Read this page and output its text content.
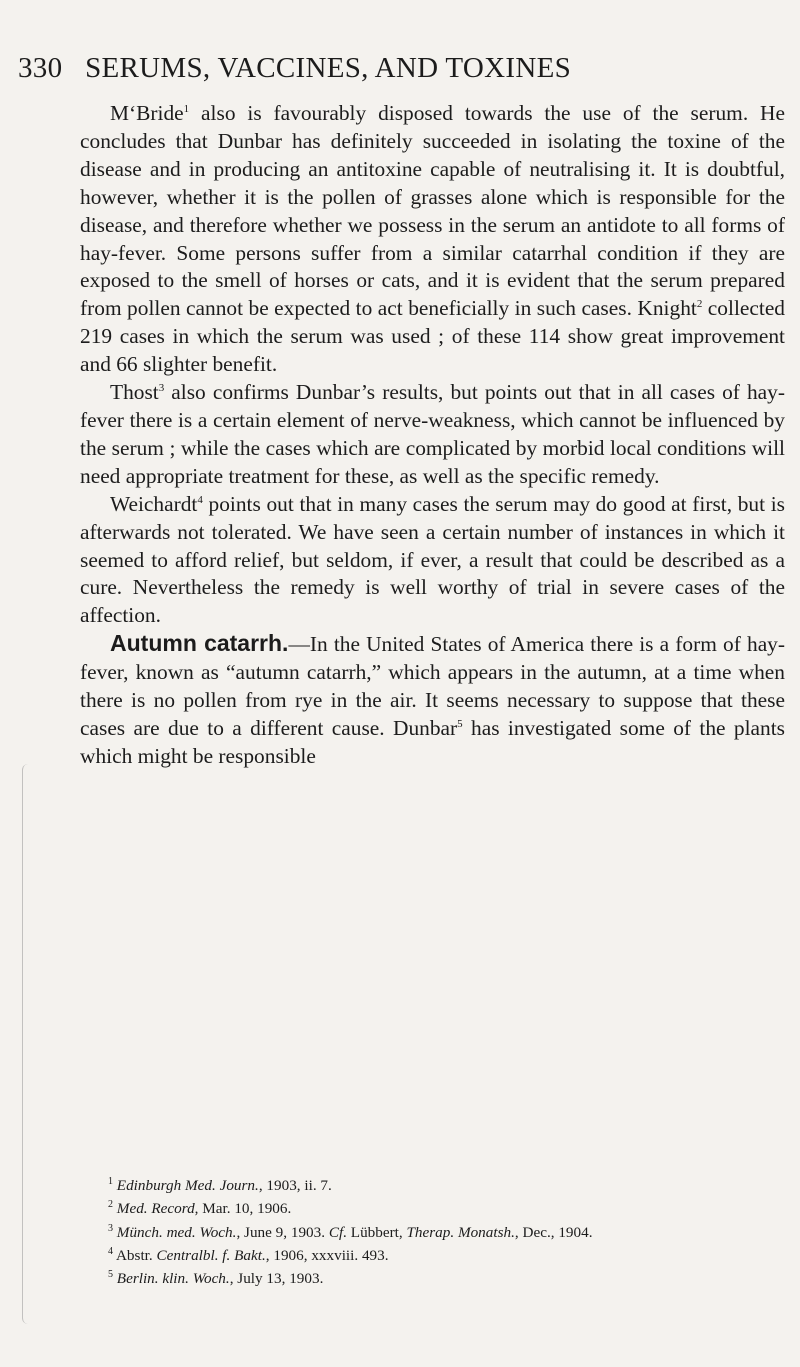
330 SERUMS, VACCINES, AND TOXINES

M‘Bride$^1$ also is favourably disposed towards the use of the serum. He concludes that Dunbar has definitely succeeded in isolating the toxine of the disease and in producing an antitoxine capable of neutralising it. It is doubtful, however, whether it is the pollen of grasses alone which is responsible for the disease, and therefore whether we possess in the serum an antidote to all forms of hay-fever. Some persons suffer from a similar catarrhal condition if they are exposed to the smell of horses or cats, and it is evident that the serum prepared from pollen cannot be expected to act beneficially in such cases. Knight$^2$ collected 219 cases in which the serum was used ; of these 114 show great improvement and 66 slighter benefit.

Thost$^3$ also confirms Dunbar’s results, but points out that in all cases of hay-fever there is a certain element of nerve-weakness, which cannot be influenced by the serum ; while the cases which are complicated by morbid local conditions will need appropriate treatment for these, as well as the specific remedy.

Weichardt$^4$ points out that in many cases the serum may do good at first, but is afterwards not tolerated. We have seen a certain number of instances in which it seemed to afford relief, but seldom, if ever, a result that could be described as a cure. Nevertheless the remedy is well worthy of trial in severe cases of the affection.

Autumn catarrh.—In the United States of America there is a form of hay-fever, known as “autumn catarrh,” which appears in the autumn, at a time when there is no pollen from rye in the air. It seems necessary to suppose that these cases are due to a different cause. Dunbar$^5$ has investigated some of the plants which might be responsible

$^1$ Edinburgh Med. Journ., 1903, ii. 7.
$^2$ Med. Record, Mar. 10, 1906.
$^3$ Münch. med. Woch., June 9, 1903. Cf. Lübbert, Therap. Monatsh., Dec., 1904.
$^4$ Abstr. Centralbl. f. Bakt., 1906, xxxviii. 493.
$^5$ Berlin. klin. Woch., July 13, 1903.
